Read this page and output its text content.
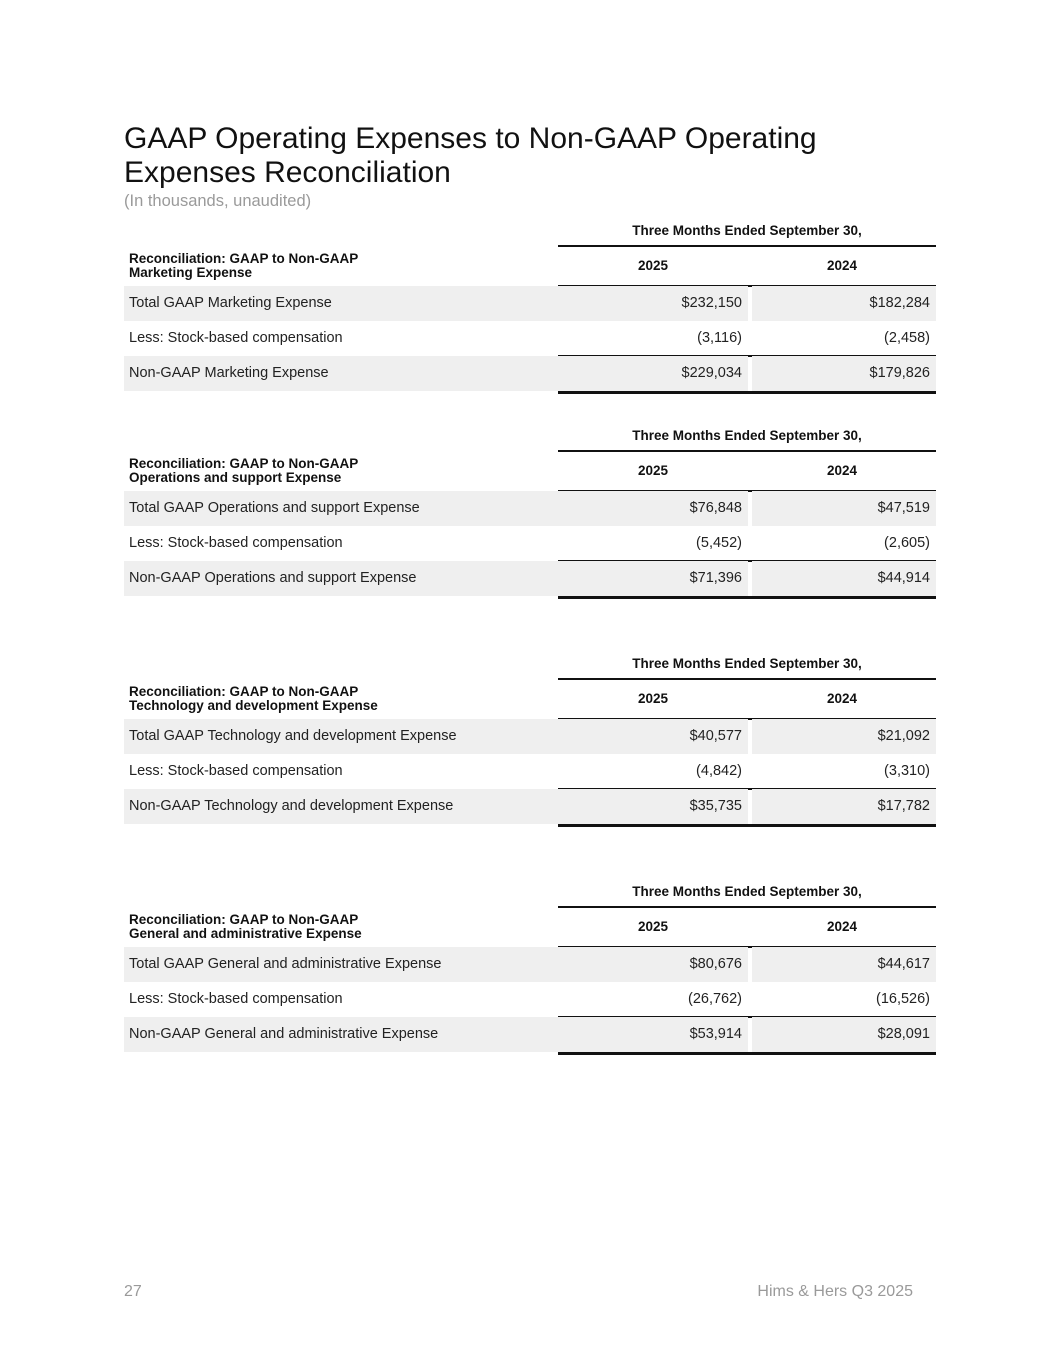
GAAP Operating Expenses to Non-GAAP Operating Expenses Reconciliation
(In thousands, unaudited)
Three Months Ended September 30,
Reconciliation: GAAP to Non-GAAP
Marketing Expense	2025	2024
Total GAAP Marketing Expense	$232,150	$182,284
Less: Stock-based compensation	(3,116)	(2,458)
Non-GAAP Marketing Expense	$229,034	$179,826
Three Months Ended September 30,
Reconciliation: GAAP to Non-GAAP
Operations and support Expense	2025	2024
Total GAAP Operations and support Expense	$76,848	$47,519
Less: Stock-based compensation	(5,452)	(2,605)
Non-GAAP Operations and support Expense	$71,396	$44,914
Three Months Ended September 30,
Reconciliation: GAAP to Non-GAAP
Technology and development Expense	2025	2024
Total GAAP Technology and development Expense	$40,577	$21,092
Less: Stock-based compensation	(4,842)	(3,310)
Non-GAAP Technology and development Expense	$35,735	$17,782
Three Months Ended September 30,
Reconciliation: GAAP to Non-GAAP
General and administrative Expense	2025	2024
Total GAAP General and administrative Expense	$80,676	$44,617
Less: Stock-based compensation	(26,762)	(16,526)
Non-GAAP General and administrative Expense	$53,914	$28,091
27	Hims & Hers Q3 2025
